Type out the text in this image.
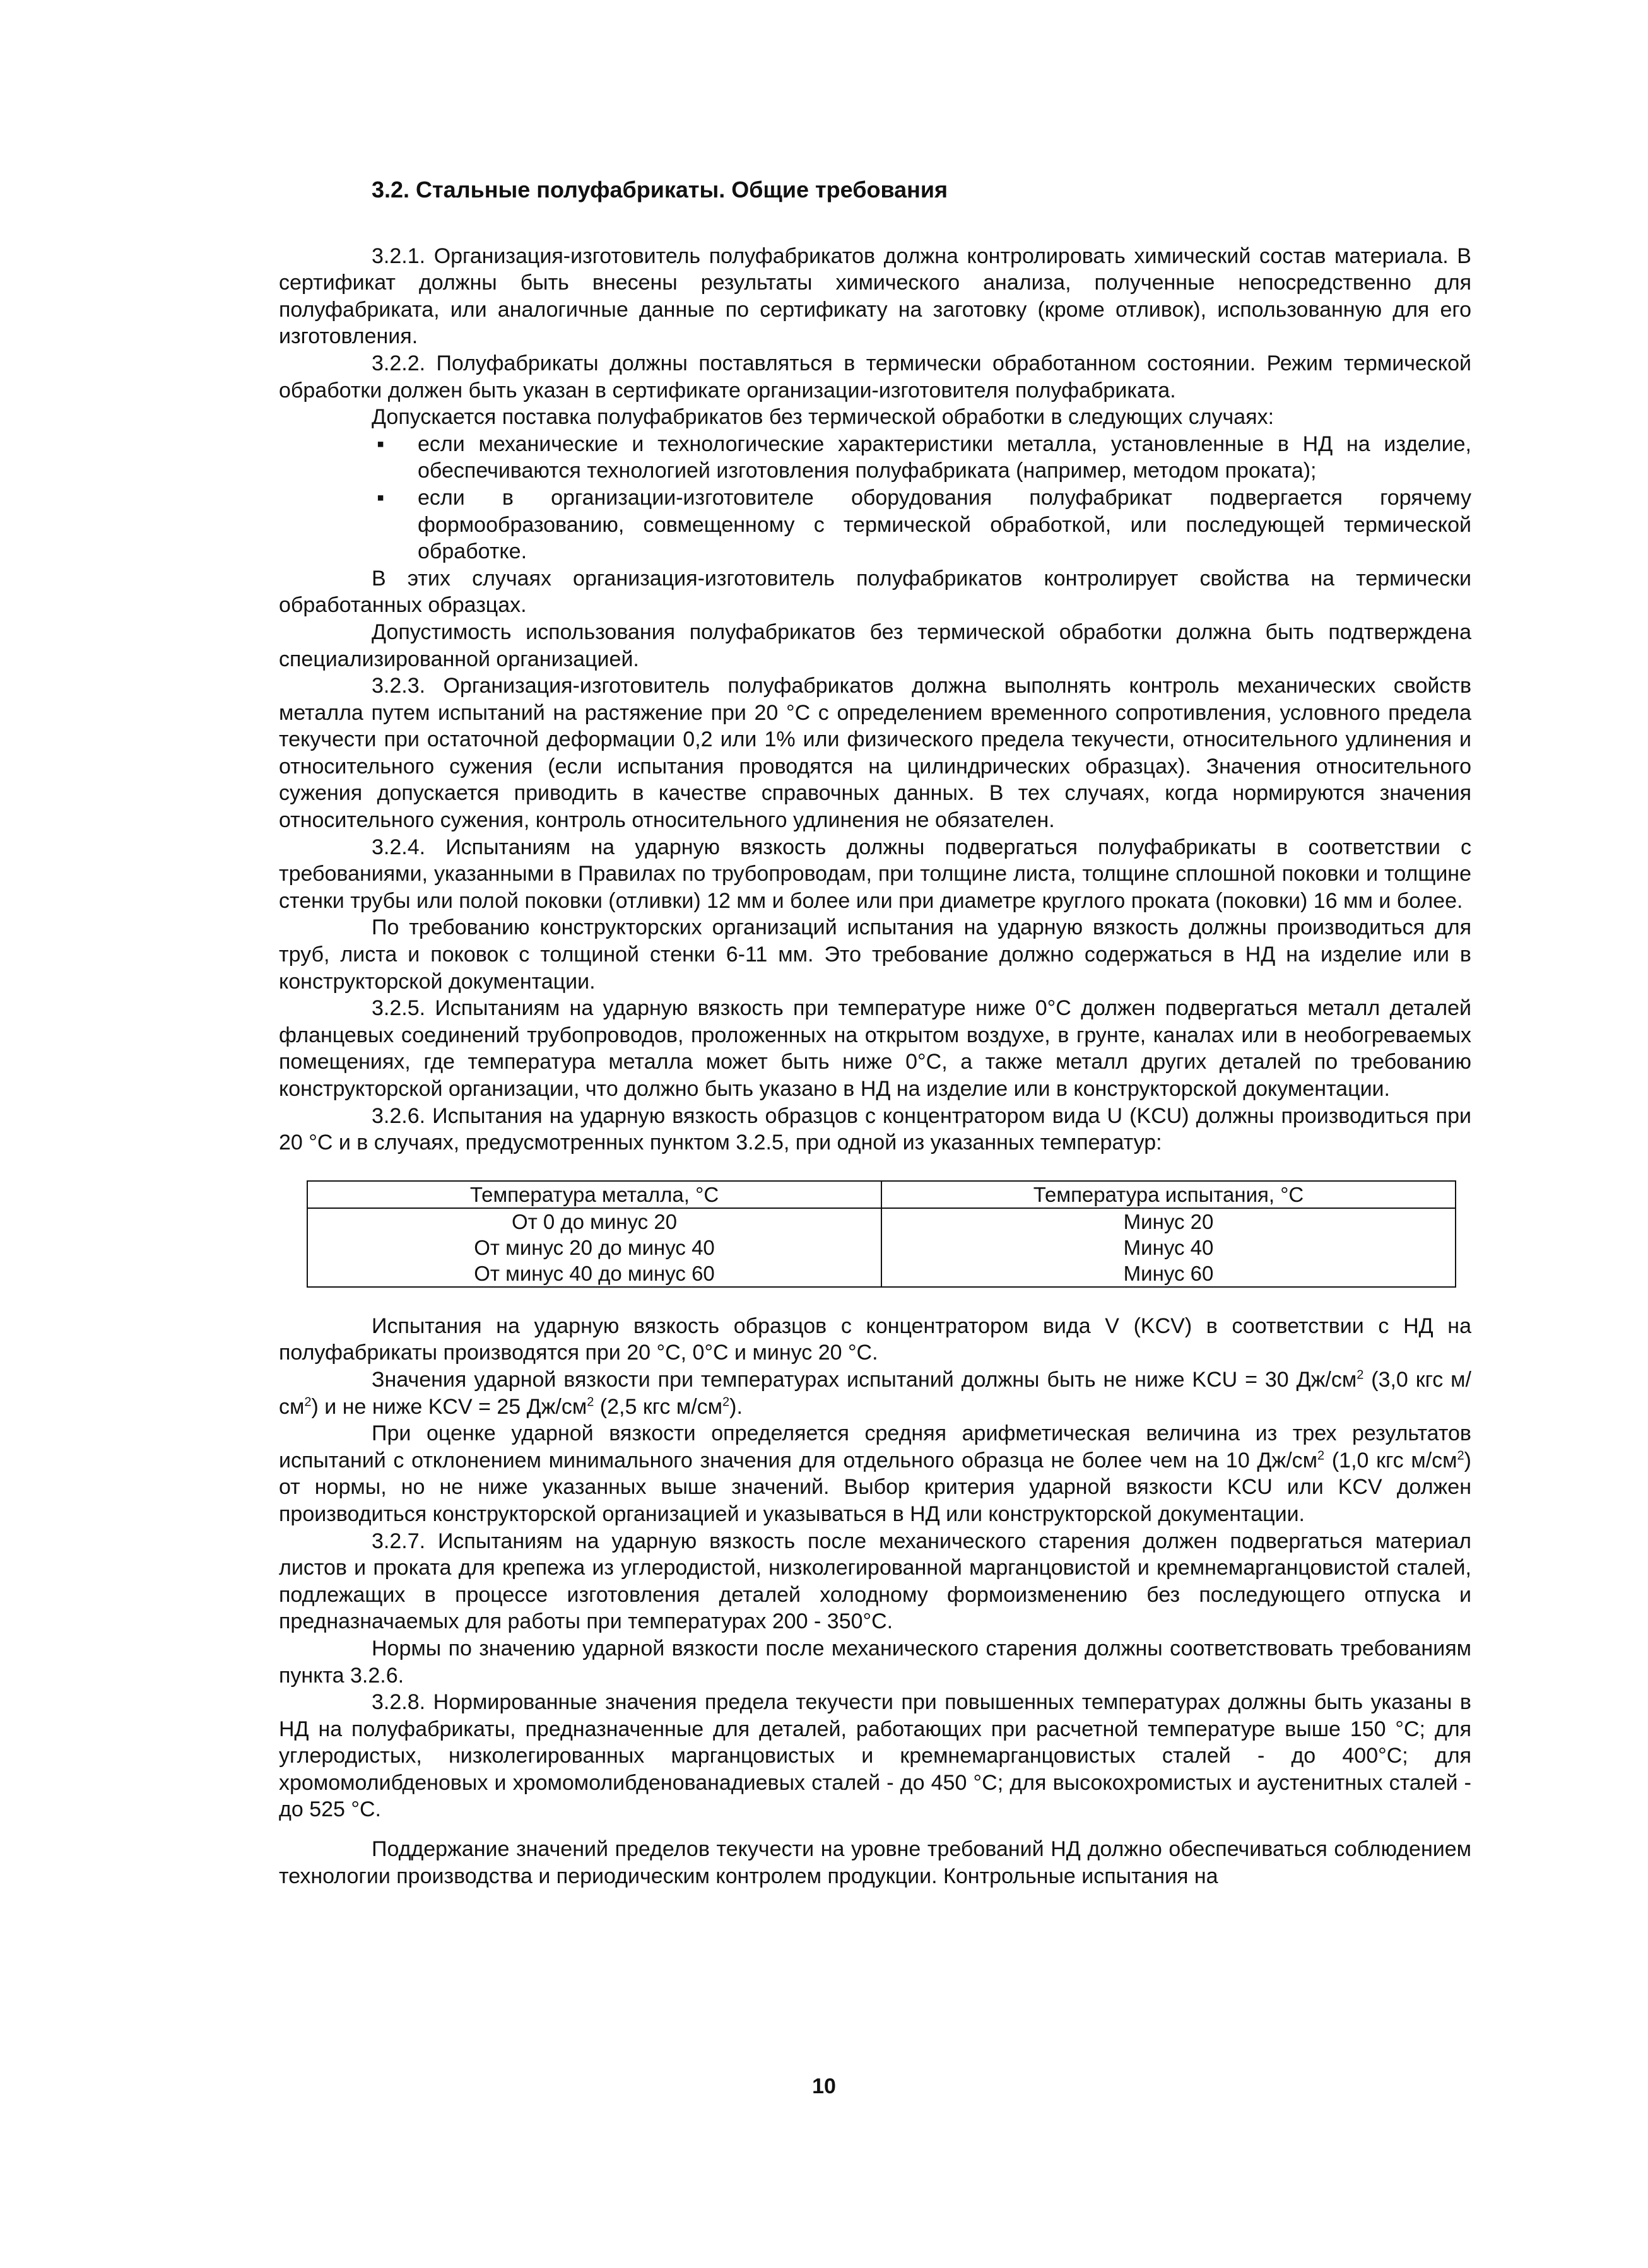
3.2. Стальные полуфабрикаты. Общие требования

3.2.1. Организация-изготовитель полуфабрикатов должна контролировать химический состав материала. В сертификат должны быть внесены результаты химического анализа, полученные непосредственно для полуфабриката, или аналогичные данные по сертификату на заготовку (кроме отливок), использованную для его изготовления.

3.2.2. Полуфабрикаты должны поставляться в термически обработанном состоянии. Режим термической обработки должен быть указан в сертификате организации-изготовителя полуфабриката.

Допускается поставка полуфабрикатов без термической обработки в следующих случаях:

▪ если механические и технологические характеристики металла, установленные в НД на изделие, обеспечиваются технологией изготовления полуфабриката (например, методом проката);
▪ если в организации-изготовителе оборудования полуфабрикат подвергается горячему формообразованию, совмещенному с термической обработкой, или последующей термической обработке.

В этих случаях организация-изготовитель полуфабрикатов контролирует свойства на термически обработанных образцах.

Допустимость использования полуфабрикатов без термической обработки должна быть подтверждена специализированной организацией.

3.2.3. Организация-изготовитель полуфабрикатов должна выполнять контроль механических свойств металла путем испытаний на растяжение при 20 °С с определением временного сопротивления, условного предела текучести при остаточной деформации 0,2 или 1% или физического предела текучести, относительного удлинения и относительного сужения (если испытания проводятся на цилиндрических образцах). Значения относительного сужения допускается приводить в качестве справочных данных. В тех случаях, когда нормируются значения относительного сужения, контроль относительного удлинения не обязателен.

3.2.4. Испытаниям на ударную вязкость должны подвергаться полуфабрикаты в соответствии с требованиями, указанными в Правилах по трубопроводам, при толщине листа, толщине сплошной поковки и толщине стенки трубы или полой поковки (отливки) 12 мм и более или при диаметре круглого проката (поковки) 16 мм и более.

По требованию конструкторских организаций испытания на ударную вязкость должны производиться для труб, листа и поковок с толщиной стенки 6-11 мм. Это требование должно содержаться в НД на изделие или в конструкторской документации.

3.2.5. Испытаниям на ударную вязкость при температуре ниже 0°С должен подвергаться металл деталей фланцевых соединений трубопроводов, проложенных на открытом воздухе, в грунте, каналах или в необогреваемых помещениях, где температура металла может быть ниже 0°С, а также металл других деталей по требованию конструкторской организации, что должно быть указано в НД на изделие или в конструкторской документации.

3.2.6. Испытания на ударную вязкость образцов с концентратором вида U (KCU) должны производиться при 20 °С и в случаях, предусмотренных пунктом 3.2.5, при одной из указанных температур:

Температура металла, °С	Температура испытания, °С
От 0 до минус 20	Минус 20
От минус 20 до минус 40	Минус 40
От минус 40 до минус 60	Минус 60

Испытания на ударную вязкость образцов с концентратором вида V (KCV) в соответствии с НД на полуфабрикаты производятся при 20 °С, 0°С и минус 20 °С.

Значения ударной вязкости при температурах испытаний должны быть не ниже KCU = 30 $Дж/см^2$ (3,0 кгс $м/см^2$) и не ниже KCV = 25 $Дж/см^2$ (2,5 кгс $м/см^2$).

При оценке ударной вязкости определяется средняя арифметическая величина из трех результатов испытаний с отклонением минимального значения для отдельного образца не более чем на 10 $Дж/см^2$ (1,0 кгс $м/см^2$) от нормы, но не ниже указанных выше значений. Выбор критерия ударной вязкости KCU или KCV должен производиться конструкторской организацией и указываться в НД или конструкторской документации.

3.2.7. Испытаниям на ударную вязкость после механического старения должен подвергаться материал листов и проката для крепежа из углеродистой, низколегированной марганцовистой и кремнемарганцовистой сталей, подлежащих в процессе изготовления деталей холодному формоизменению без последующего отпуска и предназначаемых для работы при температурах 200 - 350°С.

Нормы по значению ударной вязкости после механического старения должны соответствовать требованиям пункта 3.2.6.

3.2.8. Нормированные значения предела текучести при повышенных температурах должны быть указаны в НД на полуфабрикаты, предназначенные для деталей, работающих при расчетной температуре выше 150 °С; для углеродистых, низколегированных марганцовистых и кремнемарганцовистых сталей - до 400°С; для хромомолибденовых и хромомолибденованадиевых сталей - до 450 °С; для высокохромистых и аустенитных сталей - до 525 °С.

Поддержание значений пределов текучести на уровне требований НД должно обеспечиваться соблюдением технологии производства и периодическим контролем продукции. Контрольные испытания на

10
